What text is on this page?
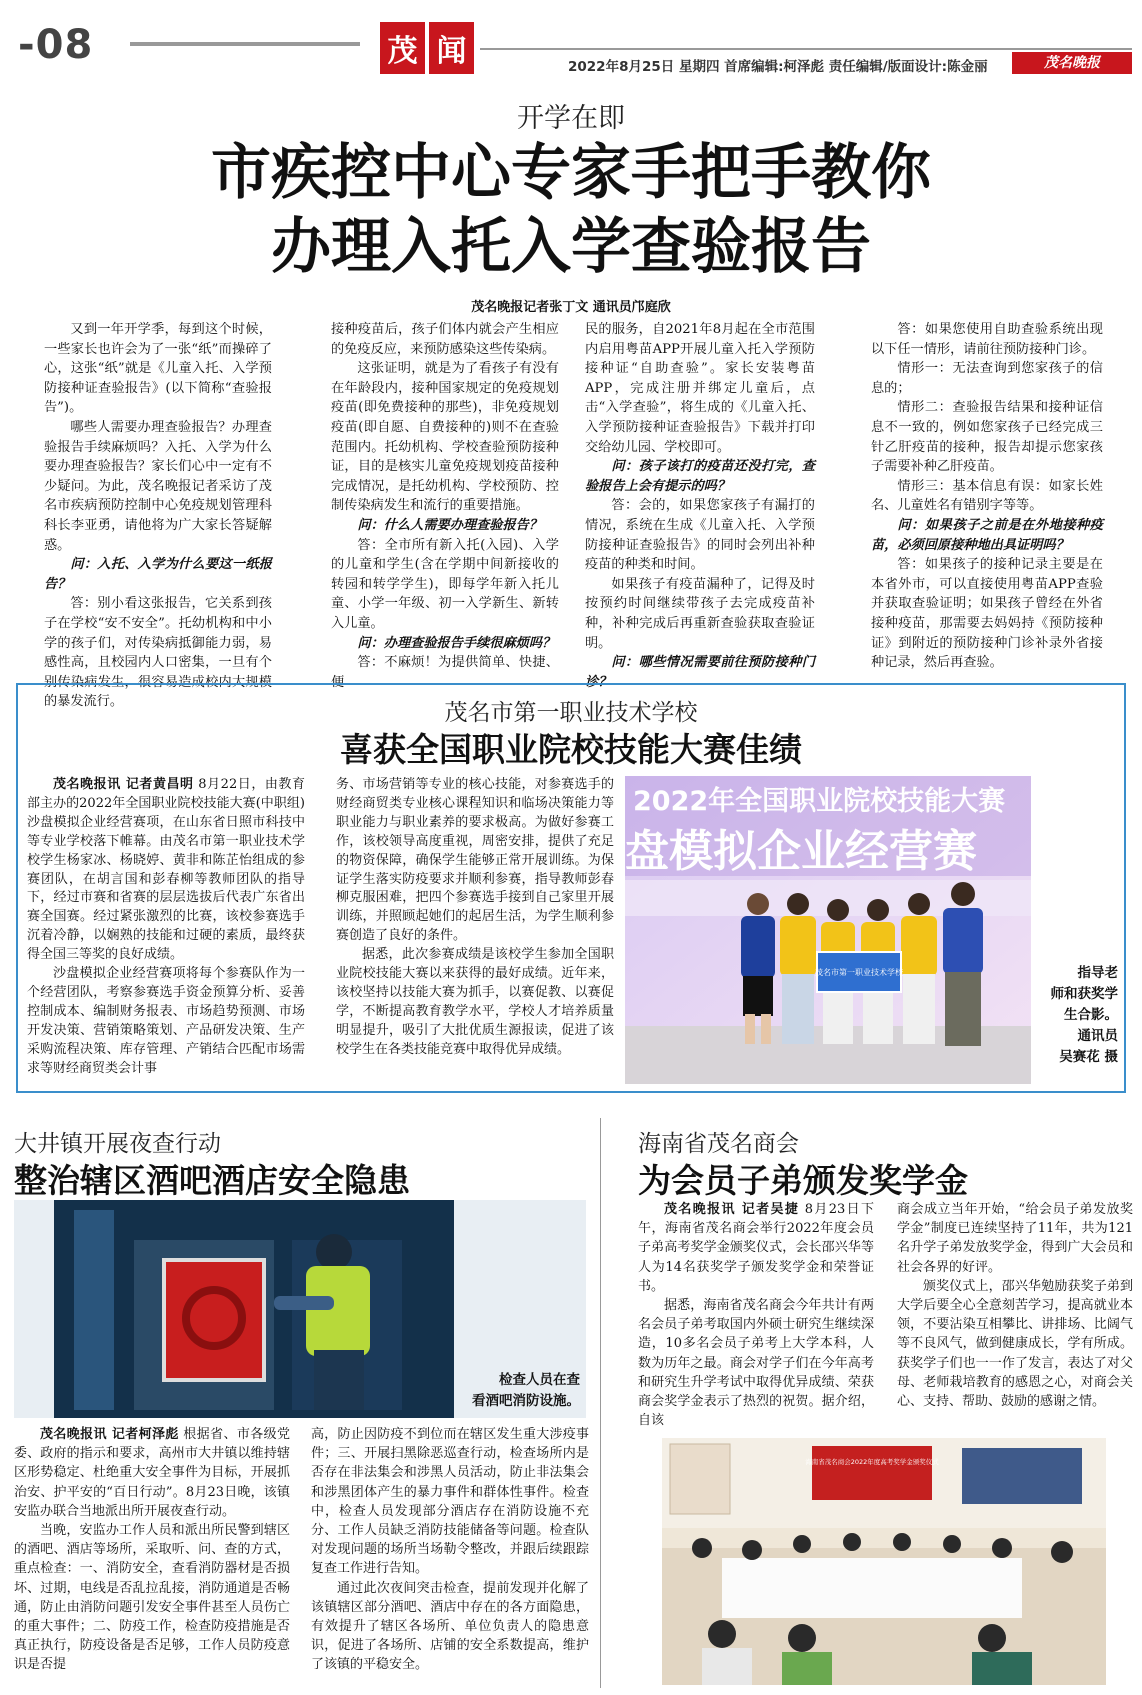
-08	茂 闻	2022年8月25日 星期四 首席编辑:柯泽彪 责任编辑/版面设计:陈金丽	茂名晚报
开学在即
市疾控中心专家手把手教你
办理入托入学查验报告
茂名晚报记者张丁文 通讯员邝庭欣

又到一年开学季，每到这个时候，一些家长也许会为了一张“纸”而操碎了心，这张“纸”就是《儿童入托、入学预防接种证查验报告》(以下简称“查验报告”)。

哪些人需要办理查验报告？办理查验报告手续麻烦吗？入托、入学为什么要办理查验报告？家长们心中一定有不少疑问。为此，茂名晚报记者采访了茂名市疾病预防控制中心免疫规划管理科科长李亚勇，请他将为广大家长答疑解惑。

问：入托、入学为什么要这一纸报告？

答：别小看这张报告，它关系到孩子在学校“安不安全”。托幼机构和中小学的孩子们，对传染病抵御能力弱，易感性高，且校园内人口密集，一旦有个别传染病发生，很容易造成校内大规模的暴发流行。

接种疫苗后，孩子们体内就会产生相应的免疫反应，来预防感染这些传染病。

这张证明，就是为了看孩子有没有在年龄段内，接种国家规定的免疫规划疫苗(即免费接种的那些)，非免疫规划疫苗(即自愿、自费接种的)则不在查验范围内。托幼机构、学校查验预防接种证，目的是核实儿童免疫规划疫苗接种完成情况，是托幼机构、学校预防、控制传染病发生和流行的重要措施。

问：什么人需要办理查验报告？

答：全市所有新入托(入园)、入学的儿童和学生(含在学期中间新接收的转园和转学学生)，即每学年新入托儿童、小学一年级、初一入学新生、新转入儿童。

问：办理查验报告手续很麻烦吗？

答：不麻烦！为提供简单、快捷、便

民的服务，自2021年8月起在全市范围内启用粤苗APP开展儿童入托入学预防接种证“自助查验”。家长安装粤苗APP，完成注册并绑定儿童后，点击“入学查验”，将生成的《儿童入托、入学预防接种证查验报告》下载并打印交给幼儿园、学校即可。

问：孩子该打的疫苗还没打完，查验报告上会有提示的吗？

答：会的，如果您家孩子有漏打的情况，系统在生成《儿童入托、入学预防接种证查验报告》的同时会列出补种疫苗的种类和时间。

如果孩子有疫苗漏种了，记得及时按预约时间继续带孩子去完成疫苗补种，补种完成后再重新查验获取查验证明。

问：哪些情况需要前往预防接种门诊？

答：如果您使用自助查验系统出现以下任一情形，请前往预防接种门诊。

情形一：无法查询到您家孩子的信息的；

情形二：查验报告结果和接种证信息不一致的，例如您家孩子已经完成三针乙肝疫苗的接种，报告却提示您家孩子需要补种乙肝疫苗。

情形三：基本信息有误：如家长姓名、儿童姓名有错别字等等。

问：如果孩子之前是在外地接种疫苗，必须回原接种地出具证明吗？

答：如果孩子的接种记录主要是在本省外市，可以直接使用粤苗APP查验并获取查验证明；如果孩子曾经在外省接种疫苗，那需要去妈妈持《预防接种证》到附近的预防接种门诊补录外省接种记录，然后再查验。

茂名市第一职业技术学校
喜获全国职业院校技能大赛佳绩

茂名晚报讯 记者黄昌明 8月22日，由教育部主办的2022年全国职业院校技能大赛(中职组)沙盘模拟企业经营赛项，在山东省日照市科技中等专业学校落下帷幕。由茂名市第一职业技术学校学生杨家冰、杨晓婷、黄非和陈芷怡组成的参赛团队，在胡言国和彭春柳等教师团队的指导下，经过市赛和省赛的层层选拔后代表广东省出赛全国赛。经过紧张激烈的比赛，该校参赛选手沉着冷静，以娴熟的技能和过硬的素质，最终获得全国三等奖的良好成绩。

沙盘模拟企业经营赛项将每个参赛队作为一个经营团队，考察参赛选手资金预算分析、妥善控制成本、编制财务报表、市场趋势预测、市场开发决策、营销策略策划、产品研发决策、生产采购流程决策、库存管理、产销结合匹配市场需求等财经商贸类会计事

务、市场营销等专业的核心技能，对参赛选手的财经商贸类专业核心课程知识和临场决策能力等职业能力与职业素养的要求极高。为做好参赛工作，该校领导高度重视，周密安排，提供了充足的物资保障，确保学生能够正常开展训练。为保证学生落实防疫要求并顺利参赛，指导教师彭春柳克服困难，把四个参赛选手接到自己家里开展训练，并照顾起她们的起居生活，为学生顺利参赛创造了良好的条件。

据悉，此次参赛成绩是该校学生参加全国职业院校技能大赛以来获得的最好成绩。近年来，该校坚持以技能大赛为抓手，以赛促教、以赛促学，不断提高教育教学水平，学校人才培养质量明显提升，吸引了大批优质生源报读，促进了该校学生在各类技能竞赛中取得优异成绩。

2022年全国职业院校技能大赛
盘模拟企业经营赛
茂名市第一职业技术学校	指导老
师和获奖学
生合影。
通讯员
吴赛花 摄
大井镇开展夜查行动
整治辖区酒吧酒店安全隐患
检查人员在查
看酒吧消防设施。

茂名晚报讯 记者柯泽彪 根据省、市各级党委、政府的指示和要求，高州市大井镇以维持辖区形势稳定、杜绝重大安全事件为目标，开展抓治安、护平安的“百日行动”。8月23日晚，该镇安监办联合当地派出所开展夜查行动。

当晚，安监办工作人员和派出所民警到辖区的酒吧、酒店等场所，采取听、问、查的方式，重点检查：一、消防安全，查看消防器材是否损坏、过期，电线是否乱拉乱接，消防通道是否畅通，防止由消防问题引发安全事件甚至人员伤亡的重大事件；二、防疫工作，检查防疫措施是否真正执行，防疫设备是否足够，工作人员防疫意识是否提

高，防止因防疫不到位而在辖区发生重大涉疫事件；三、开展扫黑除恶巡查行动，检查场所内是否存在非法集会和涉黑人员活动，防止非法集会和涉黑团体产生的暴力事件和群体性事件。检查中，检查人员发现部分酒店存在消防设施不充分、工作人员缺乏消防技能储备等问题。检查队对发现问题的场所当场勒令整改，并跟后续跟踪复查工作进行告知。

通过此次夜间突击检查，提前发现并化解了该镇辖区部分酒吧、酒店中存在的各方面隐患，有效提升了辖区各场所、单位负责人的隐患意识，促进了各场所、店铺的安全系数提高，维护了该镇的平稳安全。

海南省茂名商会
为会员子弟颁发奖学金

茂名晚报讯 记者吴捷 8月23日下午，海南省茂名商会举行2022年度会员子弟高考奖学金颁奖仪式，会长邵兴华等人为14名获奖学子颁发奖学金和荣誉证书。

据悉，海南省茂名商会今年共计有两名会员子弟考取国内外硕士研究生继续深造，10多名会员子弟考上大学本科，人数为历年之最。商会对学子们在今年高考和研究生升学考试中取得优异成绩、荣获商会奖学金表示了热烈的祝贺。据介绍，自该

商会成立当年开始，“给会员子弟发放奖学金”制度已连续坚持了11年，共为121名升学子弟发放奖学金，得到广大会员和社会各界的好评。

颁奖仪式上，邵兴华勉励获奖子弟到大学后要全心全意刻苦学习，提高就业本领，不要沾染互相攀比、讲排场、比阔气等不良风气，做到健康成长，学有所成。获奖学子们也一一作了发言，表达了对父母、老师栽培教育的感恩之心，对商会关心、支持、帮助、鼓励的感谢之情。

海南省茂名商会2022年度高考奖学金颁奖仪式
